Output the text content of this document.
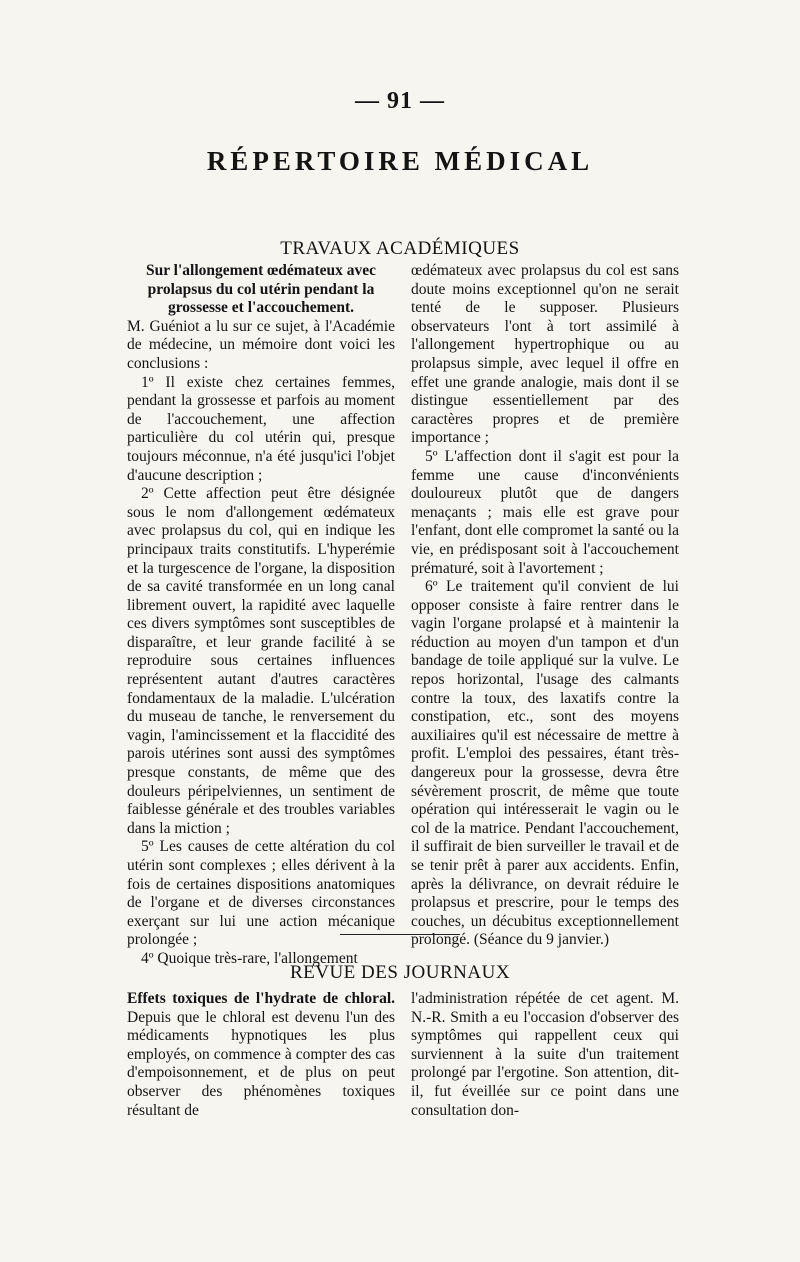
— 91 —
RÉPERTOIRE MÉDICAL
TRAVAUX ACADÉMIQUES

Sur l'allongement œdémateux avec prolapsus du col utérin pendant la grossesse et l'accouchement.
M. Guéniot a lu sur ce sujet, à l'Académie de médecine, un mémoire dont voici les conclusions :

1º Il existe chez certaines femmes, pendant la grossesse et parfois au moment de l'accouchement, une affection particulière du col utérin qui, presque toujours méconnue, n'a été jusqu'ici l'objet d'aucune description ;

2º Cette affection peut être désignée sous le nom d'allongement œdémateux avec prolapsus du col, qui en indique les principaux traits constitutifs. L'hyperémie et la turgescence de l'organe, la disposition de sa cavité transformée en un long canal librement ouvert, la rapidité avec laquelle ces divers symptômes sont susceptibles de disparaître, et leur grande facilité à se reproduire sous certaines influences représentent autant d'autres caractères fondamentaux de la maladie. L'ulcération du museau de tanche, le renversement du vagin, l'amincissement et la flaccidité des parois utérines sont aussi des symptômes presque constants, de même que des douleurs péripelviennes, un sentiment de faiblesse générale et des troubles variables dans la miction ;

5º Les causes de cette altération du col utérin sont complexes ; elles dérivent à la fois de certaines dispositions anatomiques de l'organe et de diverses circonstances exerçant sur lui une action mécanique prolongée ;

4º Quoique très-rare, l'allongement

œdémateux avec prolapsus du col est sans doute moins exceptionnel qu'on ne serait tenté de le supposer. Plusieurs observateurs l'ont à tort assimilé à l'allongement hypertrophique ou au prolapsus simple, avec lequel il offre en effet une grande analogie, mais dont il se distingue essentiellement par des caractères propres et de première importance ;

5º L'affection dont il s'agit est pour la femme une cause d'inconvénients douloureux plutôt que de dangers menaçants ; mais elle est grave pour l'enfant, dont elle compromet la santé ou la vie, en prédisposant soit à l'accouchement prématuré, soit à l'avortement ;

6º Le traitement qu'il convient de lui opposer consiste à faire rentrer dans le vagin l'organe prolapsé et à maintenir la réduction au moyen d'un tampon et d'un bandage de toile appliqué sur la vulve. Le repos horizontal, l'usage des calmants contre la toux, des laxatifs contre la constipation, etc., sont des moyens auxiliaires qu'il est nécessaire de mettre à profit. L'emploi des pessaires, étant très-dangereux pour la grossesse, devra être sévèrement proscrit, de même que toute opération qui intéresserait le vagin ou le col de la matrice. Pendant l'accouchement, il suffirait de bien surveiller le travail et de se tenir prêt à parer aux accidents. Enfin, après la délivrance, on devrait réduire le prolapsus et prescrire, pour le temps des couches, un décubitus exceptionnellement prolongé. (Séance du 9 janvier.)

REVUE DES JOURNAUX

Effets toxiques de l'hydrate de chloral. Depuis que le chloral est devenu l'un des médicaments hypnotiques les plus employés, on commence à compter des cas d'empoisonnement, et de plus on peut observer des phénomènes toxiques résultant de

l'administration répétée de cet agent. M. N.-R. Smith a eu l'occasion d'observer des symptômes qui rappellent ceux qui surviennent à la suite d'un traitement prolongé par l'ergotine. Son attention, dit-il, fut éveillée sur ce point dans une consultation don-
